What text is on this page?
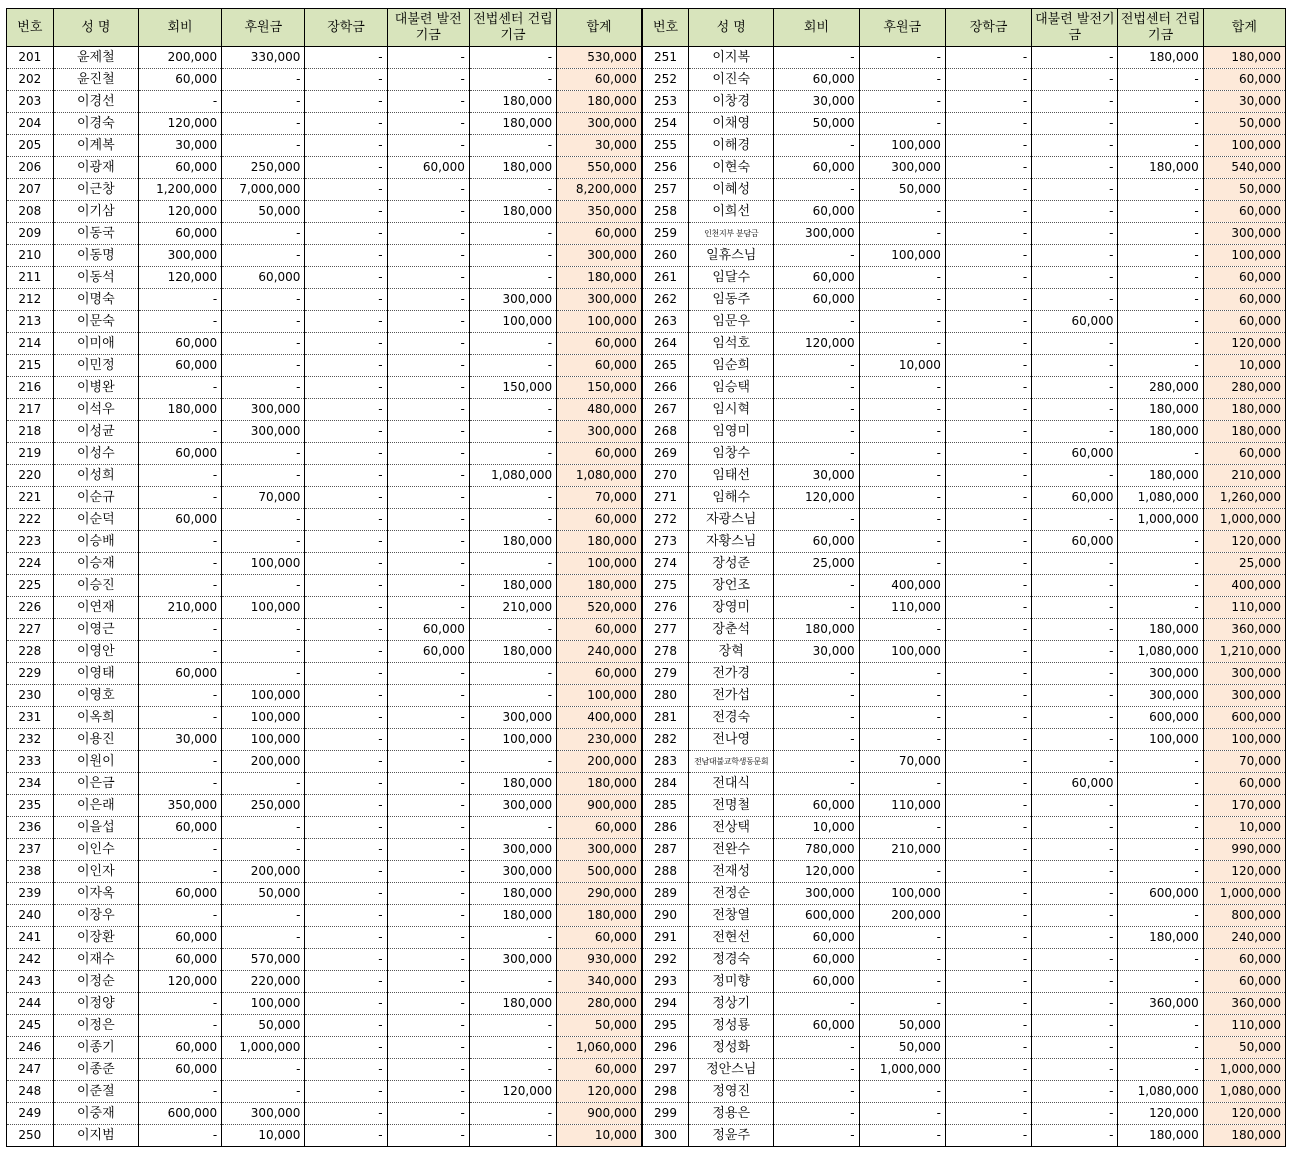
번호	성 명	회비	후원금	장학금	대불련 발전기금	전법센터 건립기금	합계	번호	성 명	회비	후원금	장학금	대불련 발전기금	전법센터 건립기금	합계
201	윤제철	200,000	330,000	-	-	-	530,000	251	이지복	-	-	-	-	180,000	180,000
202	윤진철	60,000	-	-	-	-	60,000	252	이진숙	60,000	-	-	-	-	60,000
203	이경선	-	-	-	-	180,000	180,000	253	이창경	30,000	-	-	-	-	30,000
204	이경숙	120,000	-	-	-	180,000	300,000	254	이채영	50,000	-	-	-	-	50,000
205	이계복	30,000	-	-	-	-	30,000	255	이해경	-	100,000	-	-	-	100,000
206	이광재	60,000	250,000	-	60,000	180,000	550,000	256	이현숙	60,000	300,000	-	-	180,000	540,000
207	이근창	1,200,000	7,000,000	-	-	-	8,200,000	257	이혜성	-	50,000	-	-	-	50,000
208	이기삼	120,000	50,000	-	-	180,000	350,000	258	이희선	60,000	-	-	-	-	60,000
209	이동국	60,000	-	-	-	-	60,000	259	인천지부 분담금	300,000	-	-	-	-	300,000
210	이동명	300,000	-	-	-	-	300,000	260	일휴스님	-	100,000	-	-	-	100,000
211	이동석	120,000	60,000	-	-	-	180,000	261	임달수	60,000	-	-	-	-	60,000
212	이명숙	-	-	-	-	300,000	300,000	262	임동주	60,000	-	-	-	-	60,000
213	이문숙	-	-	-	-	100,000	100,000	263	임문우	-	-	-	60,000	-	60,000
214	이미애	60,000	-	-	-	-	60,000	264	임석호	120,000	-	-	-	-	120,000
215	이민정	60,000	-	-	-	-	60,000	265	임순희	-	10,000	-	-	-	10,000
216	이병완	-	-	-	-	150,000	150,000	266	임승택	-	-	-	-	280,000	280,000
217	이석우	180,000	300,000	-	-	-	480,000	267	임시혁	-	-	-	-	180,000	180,000
218	이성균	-	300,000	-	-	-	300,000	268	임영미	-	-	-	-	180,000	180,000
219	이성수	60,000	-	-	-	-	60,000	269	임창수	-	-	-	60,000	-	60,000
220	이성희	-	-	-	-	1,080,000	1,080,000	270	임태선	30,000	-	-	-	180,000	210,000
221	이순규	-	70,000	-	-	-	70,000	271	임해수	120,000	-	-	60,000	1,080,000	1,260,000
222	이순덕	60,000	-	-	-	-	60,000	272	자광스님	-	-	-	-	1,000,000	1,000,000
223	이승배	-	-	-	-	180,000	180,000	273	자황스님	60,000	-	-	60,000	-	120,000
224	이승재	-	100,000	-	-	-	100,000	274	장성준	25,000	-	-	-	-	25,000
225	이승진	-	-	-	-	180,000	180,000	275	장언조	-	400,000	-	-	-	400,000
226	이연재	210,000	100,000	-	-	210,000	520,000	276	장영미	-	110,000	-	-	-	110,000
227	이영근	-	-	-	60,000	-	60,000	277	장춘석	180,000	-	-	-	180,000	360,000
228	이영안	-	-	-	60,000	180,000	240,000	278	장혁	30,000	100,000	-	-	1,080,000	1,210,000
229	이영태	60,000	-	-	-	-	60,000	279	전가경	-	-	-	-	300,000	300,000
230	이영호	-	100,000	-	-	-	100,000	280	전가섭	-	-	-	-	300,000	300,000
231	이옥희	-	100,000	-	-	300,000	400,000	281	전경숙	-	-	-	-	600,000	600,000
232	이용진	30,000	100,000	-	-	100,000	230,000	282	전나영	-	-	-	-	100,000	100,000
233	이원이	-	200,000	-	-	-	200,000	283	전남대불교학생동문회	-	70,000	-	-	-	70,000
234	이은금	-	-	-	-	180,000	180,000	284	전대식	-	-	-	60,000	-	60,000
235	이은래	350,000	250,000	-	-	300,000	900,000	285	전명철	60,000	110,000	-	-	-	170,000
236	이을섭	60,000	-	-	-	-	60,000	286	전상택	10,000	-	-	-	-	10,000
237	이인수	-	-	-	-	300,000	300,000	287	전완수	780,000	210,000	-	-	-	990,000
238	이인자	-	200,000	-	-	300,000	500,000	288	전재성	120,000	-	-	-	-	120,000
239	이자옥	60,000	50,000	-	-	180,000	290,000	289	전정순	300,000	100,000	-	-	600,000	1,000,000
240	이장우	-	-	-	-	180,000	180,000	290	전창열	600,000	200,000	-	-	-	800,000
241	이장환	60,000	-	-	-	-	60,000	291	전현선	60,000	-	-	-	180,000	240,000
242	이재수	60,000	570,000	-	-	300,000	930,000	292	정경숙	60,000	-	-	-	-	60,000
243	이정순	120,000	220,000	-	-	-	340,000	293	정미향	60,000	-	-	-	-	60,000
244	이정양	-	100,000	-	-	180,000	280,000	294	정상기	-	-	-	-	360,000	360,000
245	이정은	-	50,000	-	-	-	50,000	295	정성룡	60,000	50,000	-	-	-	110,000
246	이종기	60,000	1,000,000	-	-	-	1,060,000	296	정성화	-	50,000	-	-	-	50,000
247	이종준	60,000	-	-	-	-	60,000	297	정안스님	-	1,000,000	-	-	-	1,000,000
248	이준절	-	-	-	-	120,000	120,000	298	정영진	-	-	-	-	1,080,000	1,080,000
249	이중재	600,000	300,000	-	-	-	900,000	299	정용은	-	-	-	-	120,000	120,000
250	이지범	-	10,000	-	-	-	10,000	300	정윤주	-	-	-	-	180,000	180,000
